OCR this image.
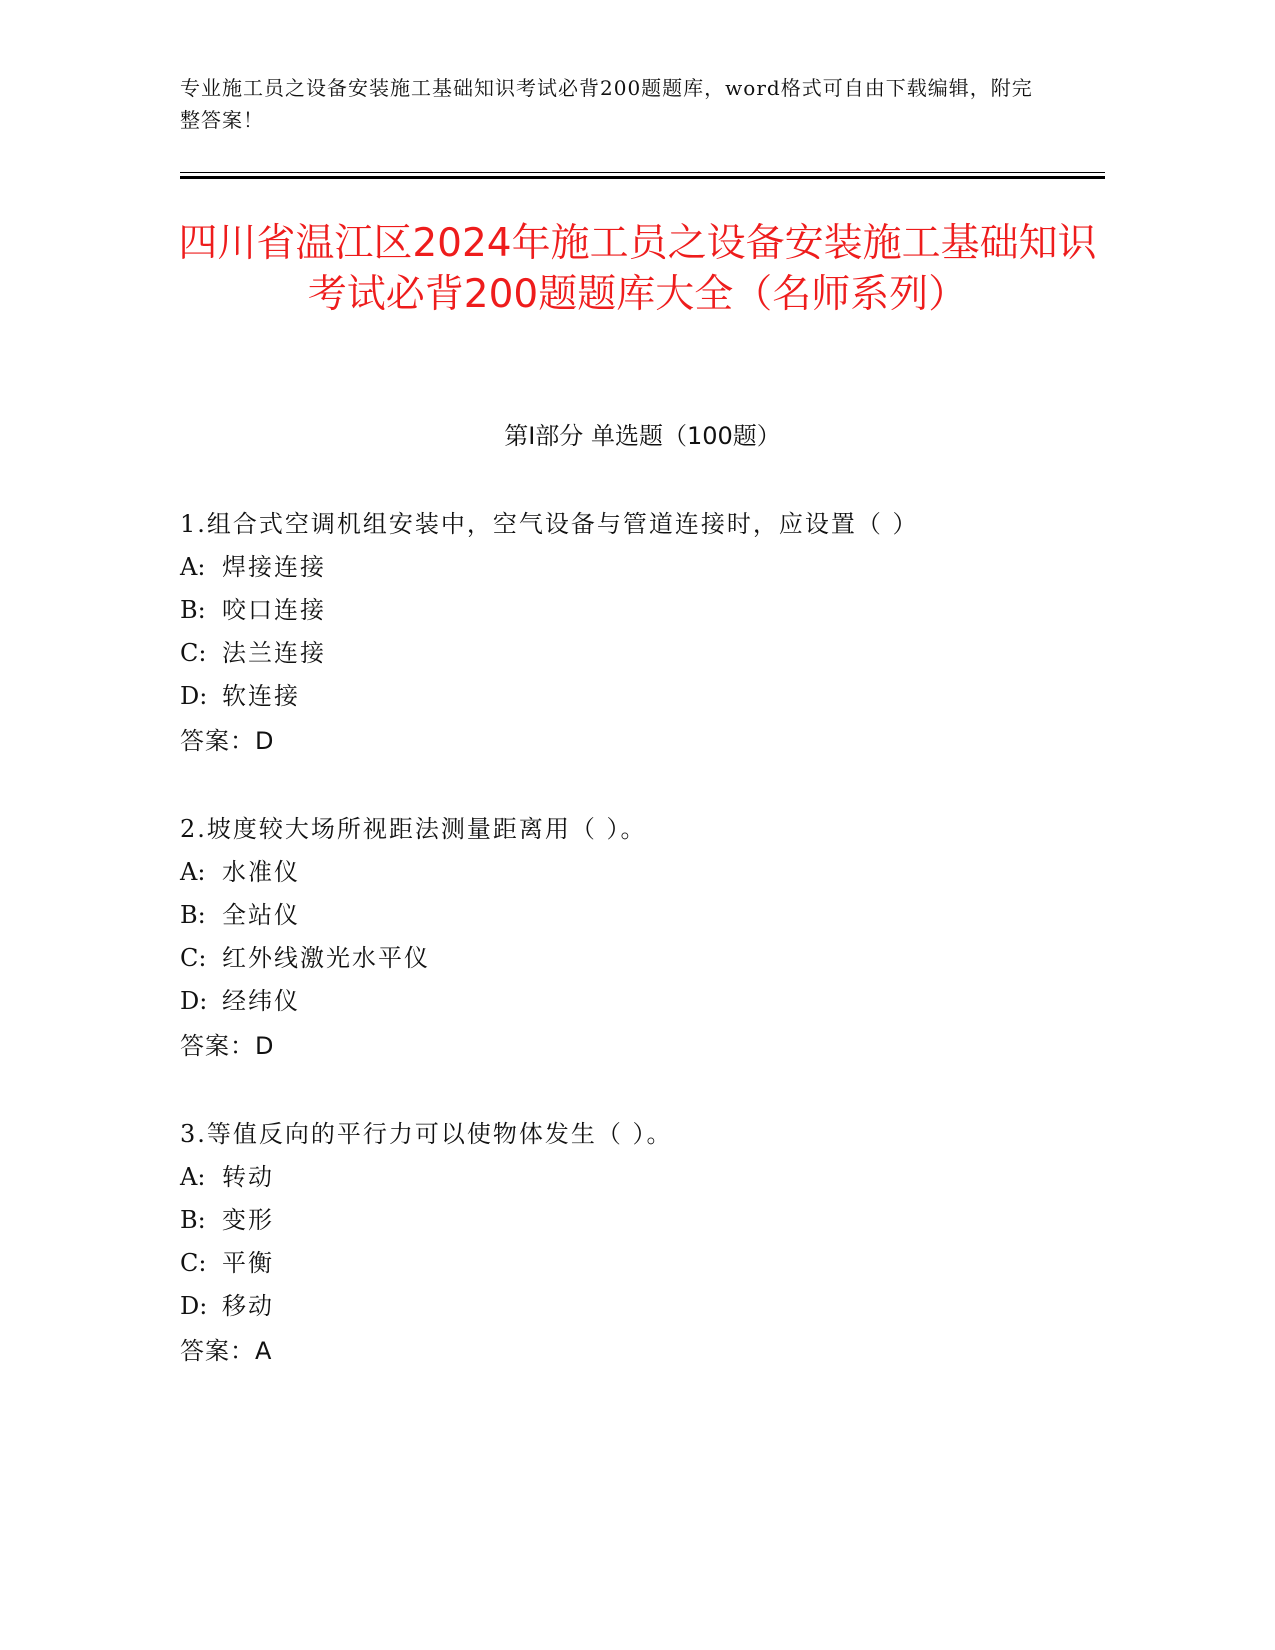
专业施工员之设备安装施工基础知识考试必背200题题库，word格式可自由下载编辑，附完整答案！
四川省温江区2024年施工员之设备安装施工基础知识考试必背200题题库大全（名师系列）
第Ⅰ部分 单选题（100题）
1.组合式空调机组安装中，空气设备与管道连接时，应设置（ ）
A: 焊接连接
B: 咬口连接
C: 法兰连接
D: 软连接
答案：D
2.坡度较大场所视距法测量距离用（ ）。
A: 水准仪
B: 全站仪
C: 红外线激光水平仪
D: 经纬仪
答案：D
3.等值反向的平行力可以使物体发生（ ）。
A: 转动
B: 变形
C: 平衡
D: 移动
答案：A
